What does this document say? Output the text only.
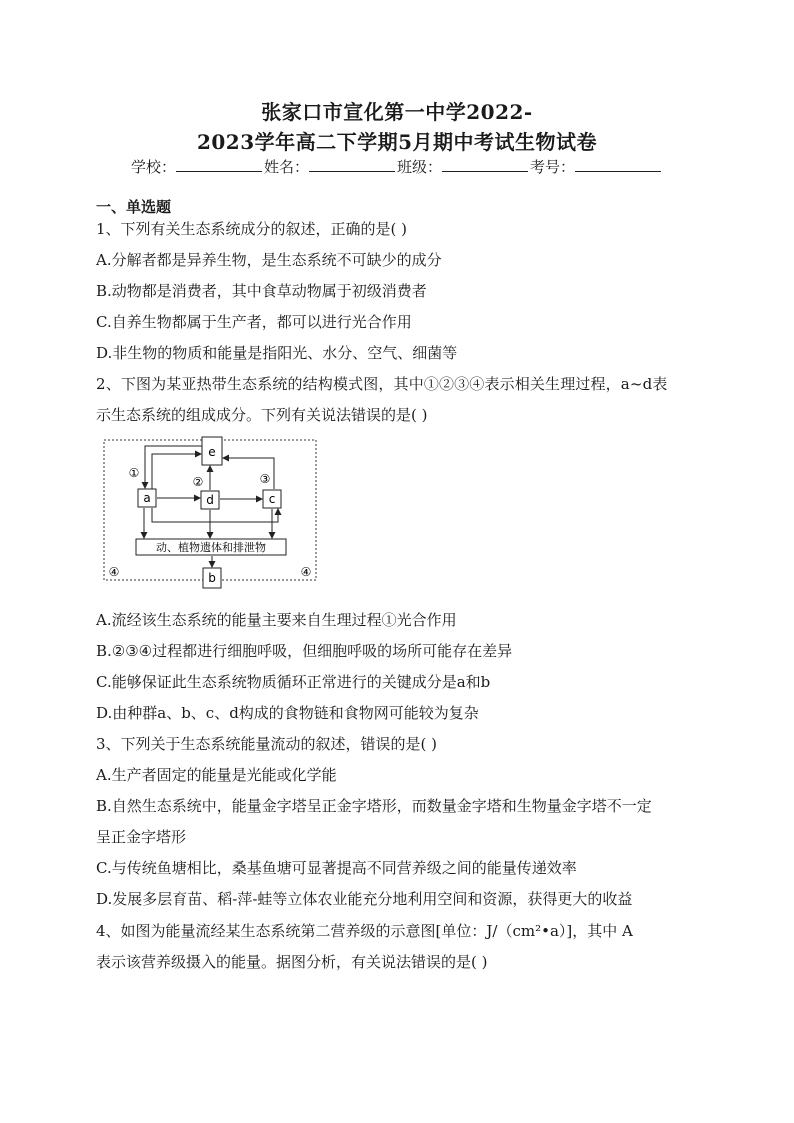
张家口市宣化第一中学2022-
2023学年高二下学期5月期中考试生物试卷
学校：	姓名：	班级：	考号：
一、单选题
1、下列有关生态系统成分的叙述，正确的是( )
A.分解者都是异养生物，是生态系统不可缺少的成分
B.动物都是消费者，其中食草动物属于初级消费者
C.自养生物都属于生产者，都可以进行光合作用
D.非生物的物质和能量是指阳光、水分、空气、细菌等
2、下图为某亚热带生态系统的结构模式图，其中①②③④表示相关生理过程，a~d表
示生态系统的组成成分。下列有关说法错误的是( )
e
a	d	c
动、植物遗体和排泄物
b
①
②	③
④	④
A.流经该生态系统的能量主要来自生理过程①光合作用
B.②③④过程都进行细胞呼吸，但细胞呼吸的场所可能存在差异
C.能够保证此生态系统物质循环正常进行的关键成分是a和b
D.由种群a、b、c、d构成的食物链和食物网可能较为复杂
3、下列关于生态系统能量流动的叙述，错误的是( )
A.生产者固定的能量是光能或化学能
B.自然生态系统中，能量金字塔呈正金字塔形，而数量金字塔和生物量金字塔不一定
呈正金字塔形
C.与传统鱼塘相比，桑基鱼塘可显著提高不同营养级之间的能量传递效率
D.发展多层育苗、稻-萍-蛙等立体农业能充分地利用空间和资源，获得更大的收益
4、如图为能量流经某生态系统第二营养级的示意图[单位：J/（cm²•a）]，其中 A
表示该营养级摄入的能量。据图分析，有关说法错误的是( )
